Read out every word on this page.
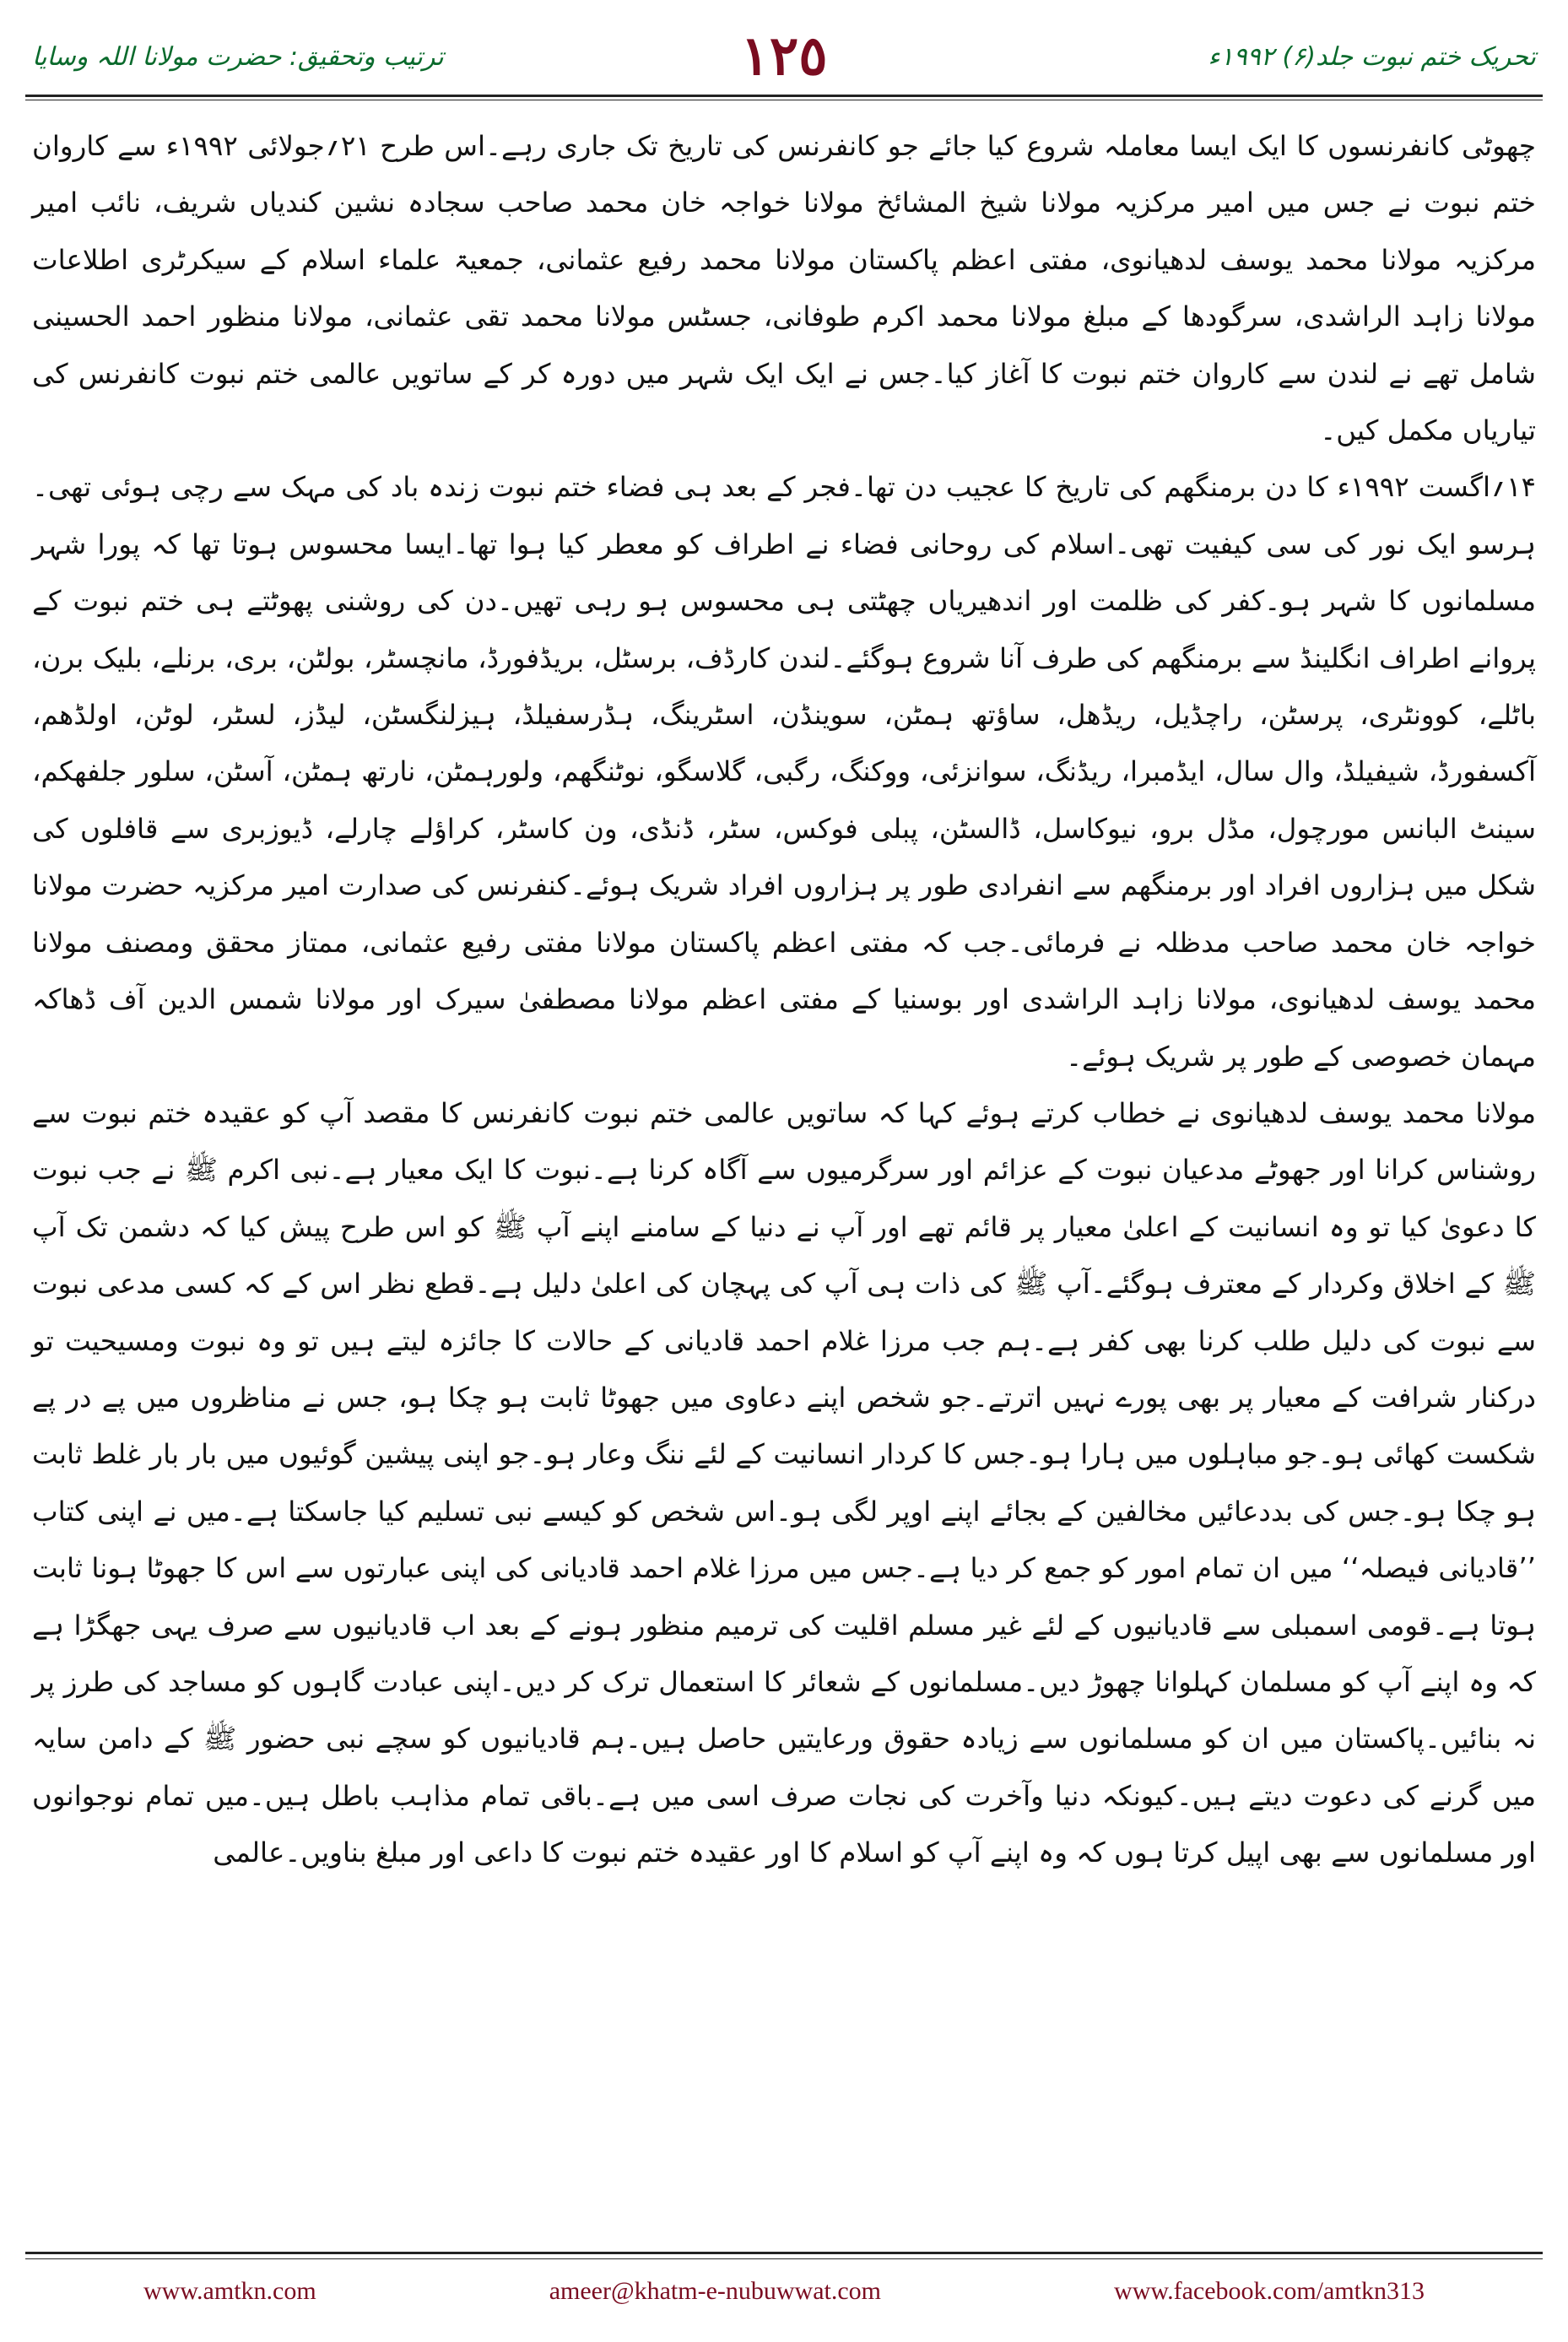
ترتیب وتحقیق: حضرت مولانا اللہ وسایا	١٢٥	تحریک ختم نبوت جلد(۶) ۱۹۹۲ء

چھوٹی کانفرنسوں کا ایک ایسا معاملہ شروع کیا جائے جو کانفرنس کی تاریخ تک جاری رہے۔اس طرح ۲۱؍جولائی ۱۹۹۲ء سے کاروان ختم نبوت نے جس میں امیر مرکزیہ مولانا شیخ المشائخ مولانا خواجہ خان محمد صاحب سجادہ نشین کندیاں شریف، نائب امیر مرکزیہ مولانا محمد یوسف لدھیانوی، مفتی اعظم پاکستان مولانا محمد رفیع عثمانی، جمعیۃ علماء اسلام کے سیکرٹری اطلاعات مولانا زاہد الراشدی، سرگودھا کے مبلغ مولانا محمد اکرم طوفانی، جسٹس مولانا محمد تقی عثمانی، مولانا منظور احمد الحسینی شامل تھے نے لندن سے کاروان ختم نبوت کا آغاز کیا۔جس نے ایک ایک شہر میں دورہ کر کے ساتویں عالمی ختم نبوت کانفرنس کی تیاریاں مکمل کیں۔

۱۴؍اگست ۱۹۹۲ء کا دن برمنگھم کی تاریخ کا عجیب دن تھا۔فجر کے بعد ہی فضاء ختم نبوت زندہ باد کی مہک سے رچی ہوئی تھی۔ہرسو ایک نور کی سی کیفیت تھی۔اسلام کی روحانی فضاء نے اطراف کو معطر کیا ہوا تھا۔ایسا محسوس ہوتا تھا کہ پورا شہر مسلمانوں کا شہر ہو۔کفر کی ظلمت اور اندھیریاں چھٹتی ہی محسوس ہو رہی تھیں۔دن کی روشنی پھوٹتے ہی ختم نبوت کے پروانے اطراف انگلینڈ سے برمنگھم کی طرف آنا شروع ہوگئے۔لندن کارڈف، برسٹل، بریڈفورڈ، مانچسٹر، بولٹن، بری، برنلے، بلیک برن، باٹلے، کوونٹری، پرسٹن، راچڈیل، ریڈھل، ساؤتھ ہمٹن، سوینڈن، اسٹرینگ، ہڈرسفیلڈ، ہیزلنگسٹن، لیڈز، لسٹر، لوٹن، اولڈھم، آکسفورڈ، شیفیلڈ، وال سال، ایڈمبرا، ریڈنگ، سوانزئی، ووکنگ، رگبی، گلاسگو، نوٹنگھم، ولورہمٹن، نارتھ ہمٹن، آسٹن، سلور جلفھکم، سینٹ البانس مورچول، مڈل برو، نیوکاسل، ڈالسٹن، پبلی فوکس، سٹر، ڈنڈی، ون کاسٹر، کراؤلے چارلے، ڈیوزبری سے قافلوں کی شکل میں ہزاروں افراد اور برمنگھم سے انفرادی طور پر ہزاروں افراد شریک ہوئے۔کنفرنس کی صدارت امیر مرکزیہ حضرت مولانا خواجہ خان محمد صاحب مدظلہ نے فرمائی۔جب کہ مفتی اعظم پاکستان مولانا مفتی رفیع عثمانی، ممتاز محقق ومصنف مولانا محمد یوسف لدھیانوی، مولانا زاہد الراشدی اور بوسنیا کے مفتی اعظم مولانا مصطفیٰ سیرک اور مولانا شمس الدین آف ڈھاکہ مہمان خصوصی کے طور پر شریک ہوئے۔

مولانا محمد یوسف لدھیانوی نے خطاب کرتے ہوئے کہا کہ ساتویں عالمی ختم نبوت کانفرنس کا مقصد آپ کو عقیدہ ختم نبوت سے روشناس کرانا اور جھوٹے مدعیان نبوت کے عزائم اور سرگرمیوں سے آگاہ کرنا ہے۔نبوت کا ایک معیار ہے۔نبی اکرم ﷺ نے جب نبوت کا دعویٰ کیا تو وہ انسانیت کے اعلیٰ معیار پر قائم تھے اور آپ نے دنیا کے سامنے اپنے آپ ﷺ کو اس طرح پیش کیا کہ دشمن تک آپ ﷺ کے اخلاق وکردار کے معترف ہوگئے۔آپ ﷺ کی ذات ہی آپ کی پہچان کی اعلیٰ دلیل ہے۔قطع نظر اس کے کہ کسی مدعی نبوت سے نبوت کی دلیل طلب کرنا بھی کفر ہے۔ہم جب مرزا غلام احمد قادیانی کے حالات کا جائزہ لیتے ہیں تو وہ نبوت ومسیحیت تو درکنار شرافت کے معیار پر بھی پورے نہیں اترتے۔جو شخص اپنے دعاوی میں جھوٹا ثابت ہو چکا ہو، جس نے مناظروں میں پے در پے شکست کھائی ہو۔جو مباہلوں میں ہارا ہو۔جس کا کردار انسانیت کے لئے ننگ وعار ہو۔جو اپنی پیشین گوئیوں میں بار بار غلط ثابت ہو چکا ہو۔جس کی بددعائیں مخالفین کے بجائے اپنے اوپر لگی ہو۔اس شخص کو کیسے نبی تسلیم کیا جاسکتا ہے۔میں نے اپنی کتاب ’’قادیانی فیصلہ‘‘ میں ان تمام امور کو جمع کر دیا ہے۔جس میں مرزا غلام احمد قادیانی کی اپنی عبارتوں سے اس کا جھوٹا ہونا ثابت ہوتا ہے۔قومی اسمبلی سے قادیانیوں کے لئے غیر مسلم اقلیت کی ترمیم منظور ہونے کے بعد اب قادیانیوں سے صرف یہی جھگڑا ہے کہ وہ اپنے آپ کو مسلمان کہلوانا چھوڑ دیں۔مسلمانوں کے شعائر کا استعمال ترک کر دیں۔اپنی عبادت گاہوں کو مساجد کی طرز پر نہ بنائیں۔پاکستان میں ان کو مسلمانوں سے زیادہ حقوق ورعایتیں حاصل ہیں۔ہم قادیانیوں کو سچے نبی حضور ﷺ کے دامن سایہ میں گرنے کی دعوت دیتے ہیں۔کیونکہ دنیا وآخرت کی نجات صرف اسی میں ہے۔باقی تمام مذاہب باطل ہیں۔میں تمام نوجوانوں اور مسلمانوں سے بھی اپیل کرتا ہوں کہ وہ اپنے آپ کو اسلام کا اور عقیدہ ختم نبوت کا داعی اور مبلغ بناویں۔عالمی

www.amtkn.com	ameer@khatm-e-nubuwwat.com	www.facebook.com/amtkn313
